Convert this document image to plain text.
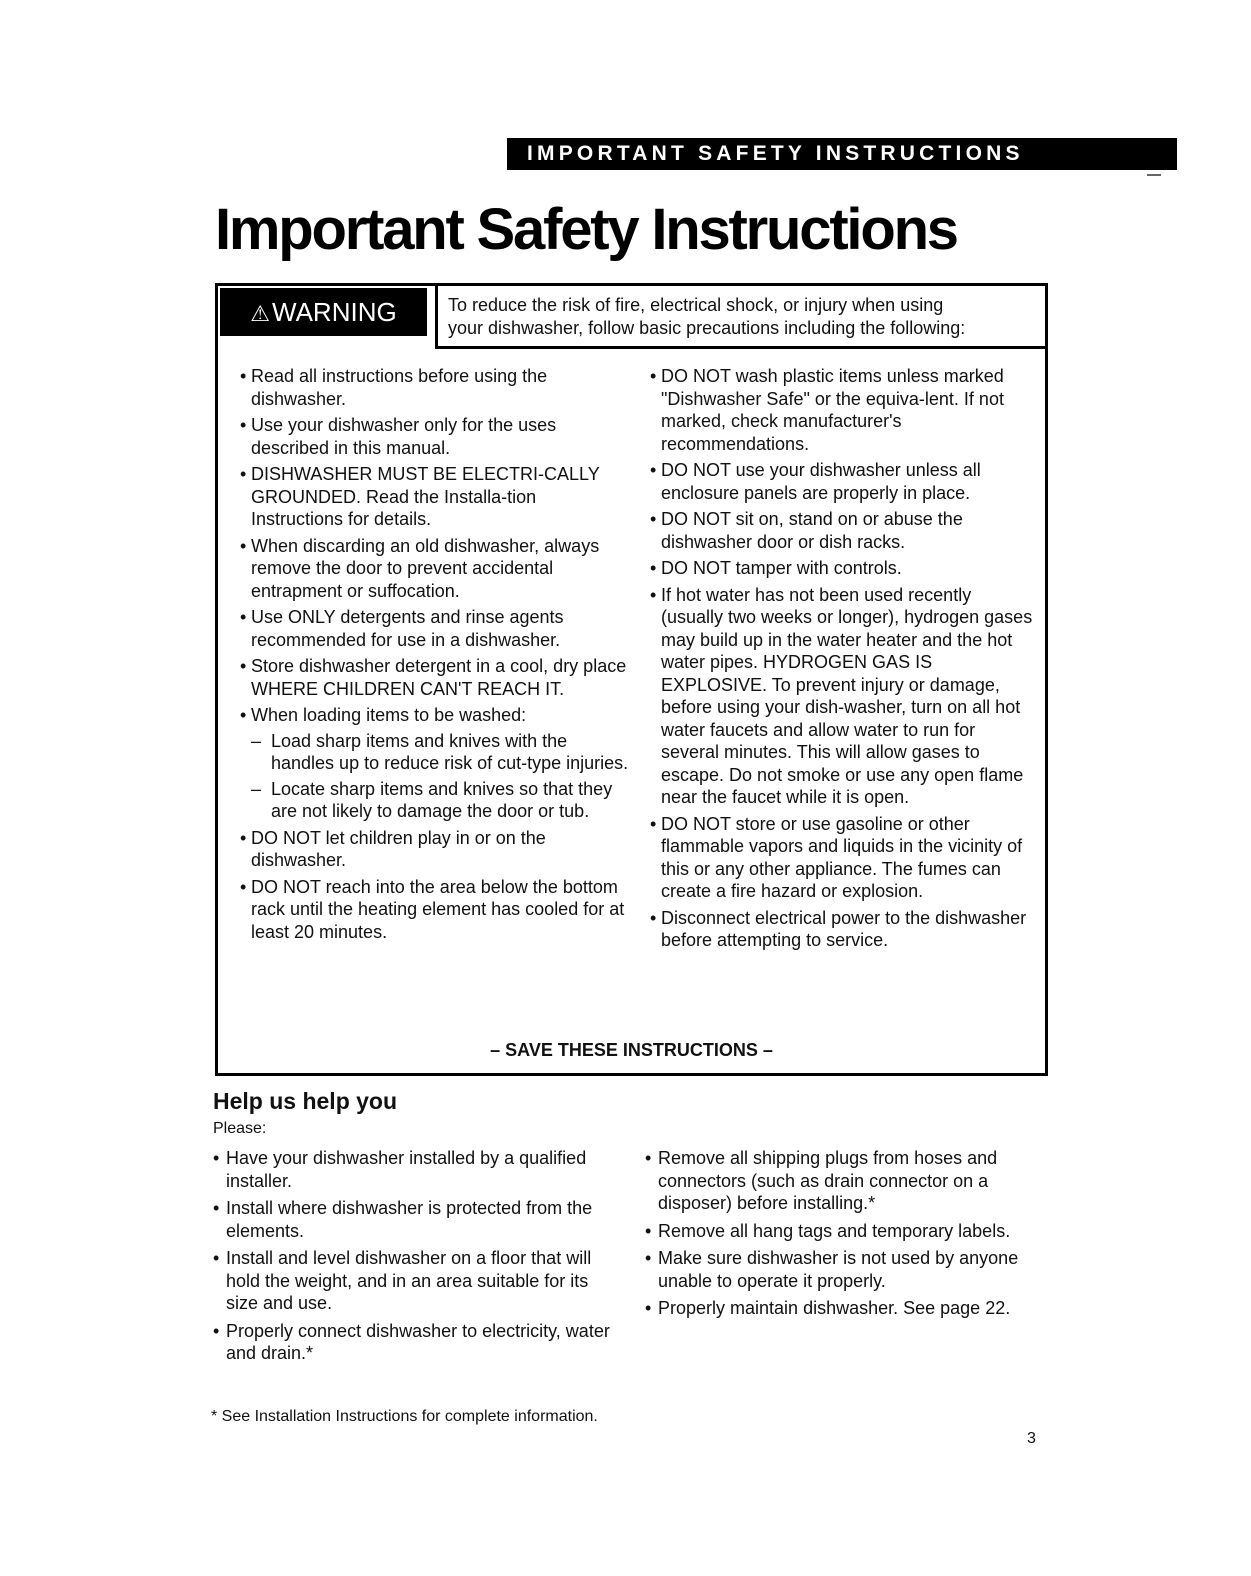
IMPORTANT SAFETY INSTRUCTIONS
Important Safety Instructions
⚠WARNING	To reduce the risk of fire, electrical shock, or injury when using
your dishwasher, follow basic precautions including the following:
• Read all instructions before using the dishwasher.
• Use your dishwasher only for the uses described in this manual.
• DISHWASHER MUST BE ELECTRI-CALLY GROUNDED. Read the Installa-tion Instructions for details.
• When discarding an old dishwasher, always remove the door to prevent accidental entrapment or suffocation.
• Use ONLY detergents and rinse agents recommended for use in a dishwasher.
• Store dishwasher detergent in a cool, dry place WHERE CHILDREN CAN'T REACH IT.
• When loading items to be washed:
– Load sharp items and knives with the handles up to reduce risk of cut-type injuries.
– Locate sharp items and knives so that they are not likely to damage the door or tub.
• DO NOT let children play in or on the dishwasher.
• DO NOT reach into the area below the bottom rack until the heating element has cooled for at least 20 minutes.
• DO NOT wash plastic items unless marked "Dishwasher Safe" or the equiva-lent. If not marked, check manufacturer's recommendations.
• DO NOT use your dishwasher unless all enclosure panels are properly in place.
• DO NOT sit on, stand on or abuse the dishwasher door or dish racks.
• DO NOT tamper with controls.
• If hot water has not been used recently (usually two weeks or longer), hydrogen gases may build up in the water heater and the hot water pipes. HYDROGEN GAS IS EXPLOSIVE. To prevent injury or damage, before using your dish-washer, turn on all hot water faucets and allow water to run for several minutes. This will allow gases to escape. Do not smoke or use any open flame near the faucet while it is open.
• DO NOT store or use gasoline or other flammable vapors and liquids in the vicinity of this or any other appliance. The fumes can create a fire hazard or explosion.
• Disconnect electrical power to the dishwasher before attempting to service.
– SAVE THESE INSTRUCTIONS –
Help us help you
Please:
• Have your dishwasher installed by a qualified installer.
• Install where dishwasher is protected from the elements.
• Install and level dishwasher on a floor that will hold the weight, and in an area suitable for its size and use.
• Properly connect dishwasher to electricity, water and drain.*
• Remove all shipping plugs from hoses and connectors (such as drain connector on a disposer) before installing.*
• Remove all hang tags and temporary labels.
• Make sure dishwasher is not used by anyone unable to operate it properly.
• Properly maintain dishwasher. See page 22.
* See Installation Instructions for complete information.
3
